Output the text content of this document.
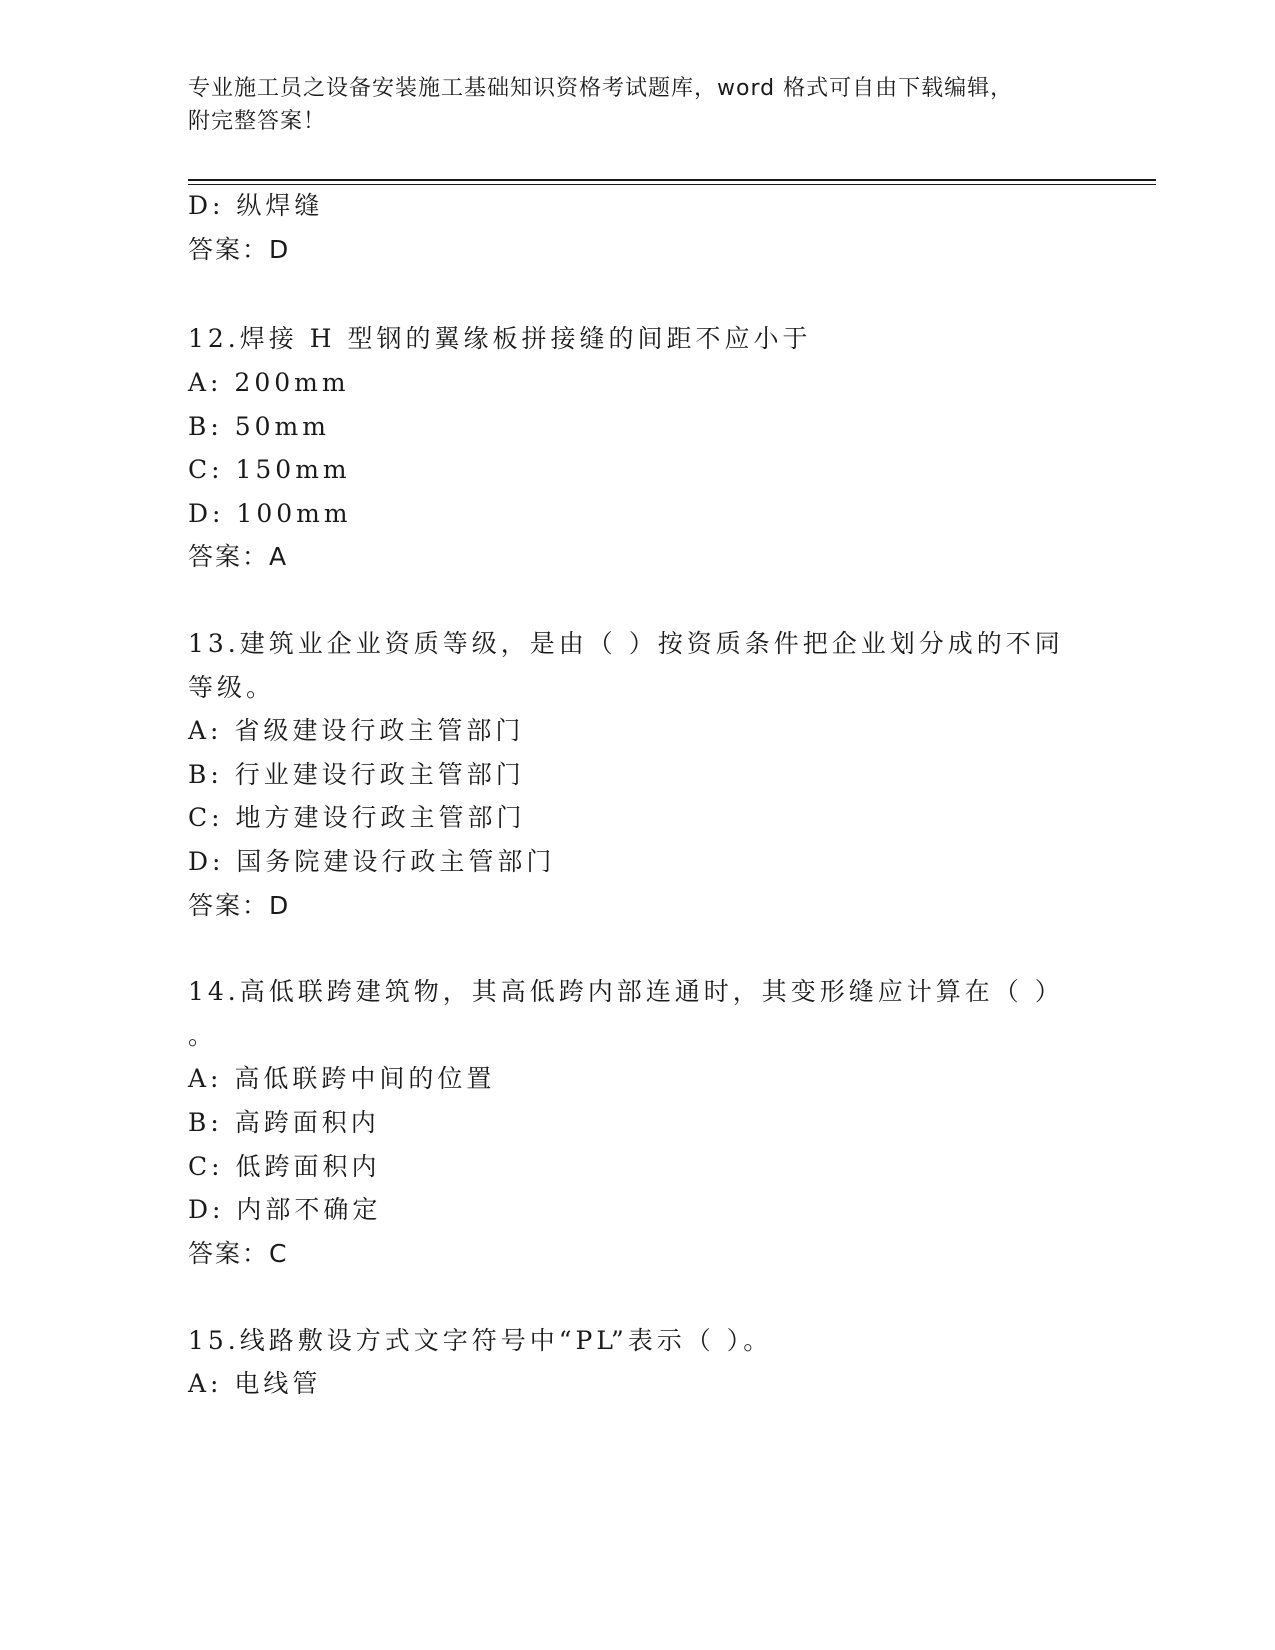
专业施工员之设备安装施工基础知识资格考试题库，word 格式可自由下载编辑，
附完整答案！
D: 纵焊缝
答案：D
12.焊接 H 型钢的翼缘板拼接缝的间距不应小于
A: 200mm
B: 50mm
C: 150mm
D: 100mm
答案：A
13.建筑业企业资质等级，是由（ ）按资质条件把企业划分成的不同
等级。
A: 省级建设行政主管部门
B: 行业建设行政主管部门
C: 地方建设行政主管部门
D: 国务院建设行政主管部门
答案：D
14.高低联跨建筑物，其高低跨内部连通时，其变形缝应计算在（ ）
。
A: 高低联跨中间的位置
B: 高跨面积内
C: 低跨面积内
D: 内部不确定
答案：C
15.线路敷设方式文字符号中“PL”表示（ ）。
A: 电线管
